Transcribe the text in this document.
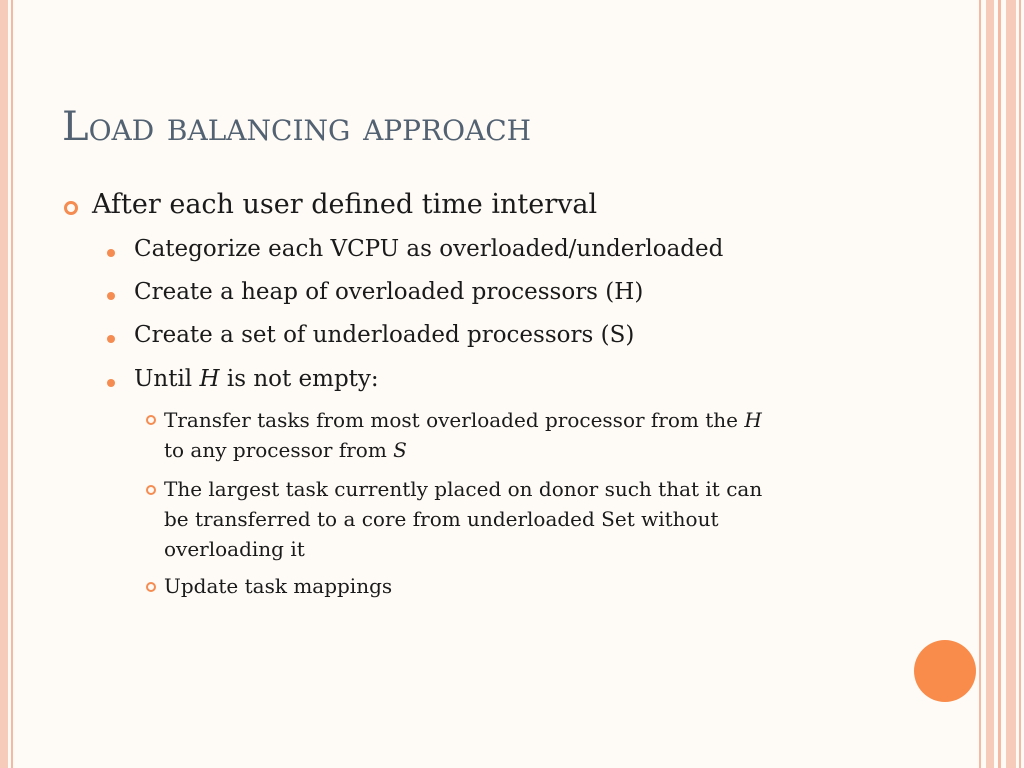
Load balancing approach
After each user defined time interval
Categorize each VCPU as overloaded/underloaded
Create a heap of overloaded processors (H)
Create a set of underloaded processors (S)
Until H is not empty:
Transfer tasks from most overloaded processor from the H
to any processor from S
The largest task currently placed on donor such that it can
be transferred to a core from underloaded Set without
overloading it
Update task mappings
